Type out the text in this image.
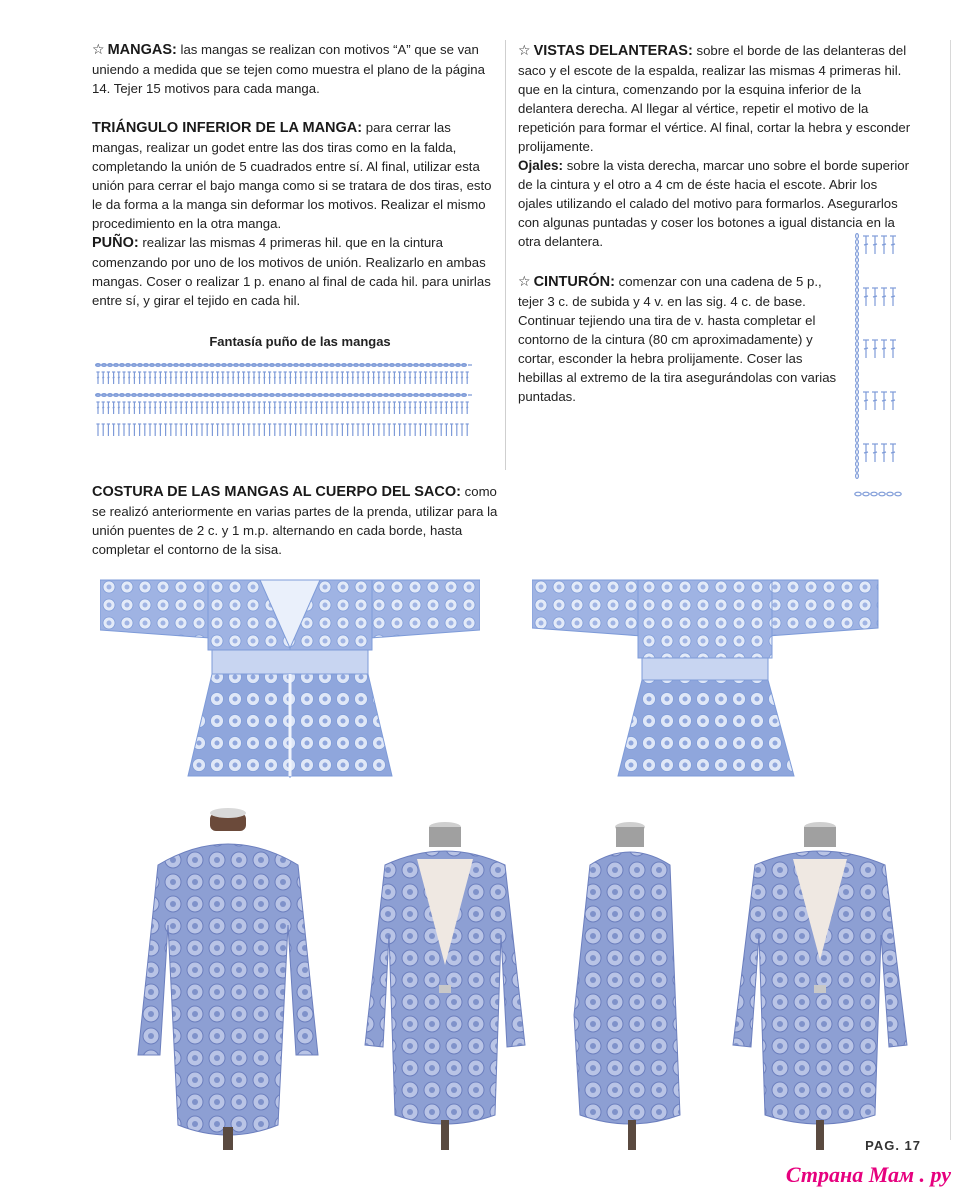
☆ MANGAS: las mangas se realizan con motivos “A” que se van uniendo a medida que se tejen como muestra el plano de la página 14. Tejer 15 motivos para cada manga.
TRIÁNGULO INFERIOR DE LA MANGA: para cerrar las mangas, realizar un godet entre las dos tiras como en la falda, completando la unión de 5 cuadrados entre sí. Al final, utilizar esta unión para cerrar el bajo manga como si se tratara de dos tiras, esto le da forma a la manga sin deformar los motivos. Realizar el mismo procedimiento en la otra manga.
PUÑO: realizar las mismas 4 primeras hil. que en la cintura comenzando por uno de los motivos de unión. Realizarlo en ambas mangas. Coser o realizar 1 p. enano al final de cada hil. para unirlas entre sí, y girar el tejido en cada hil.
Fantasía puño de las mangas
COSTURA DE LAS MANGAS AL CUERPO DEL SACO: como se realizó anteriormente en varias partes de la prenda, utilizar para la unión puentes de 2 c. y 1 m.p. alternando en cada borde, hasta completar el contorno de la sisa.
☆ VISTAS DELANTERAS: sobre el borde de las delanteras del saco y el escote de la espalda, realizar las mismas 4 primeras hil. que en la cintura, comenzando por la esquina inferior de la delantera derecha. Al llegar al vértice, repetir el motivo de la repetición para formar el vértice. Al final, cortar la hebra y esconder prolijamente.
Ojales: sobre la vista derecha, marcar uno sobre el borde superior de la cintura y el otro a 4 cm de éste hacia el escote. Abrir los ojales utilizando el calado del motivo para formarlos. Asegurarlos con algunas puntadas y coser los botones a igual distancia en la otra delantera.
☆ CINTURÓN: comenzar con una cadena de 5 p., tejer 3 c. de subida y 4 v. en las sig. 4 c. de base. Continuar tejiendo una tira de v. hasta completar el contorno de la cintura (80 cm aproximadamente) y cortar, esconder la hebra prolijamente. Coser las hebillas al extremo de la tira asegurándolas con varias puntadas.
PAG. 17
Страна Мам . ру
